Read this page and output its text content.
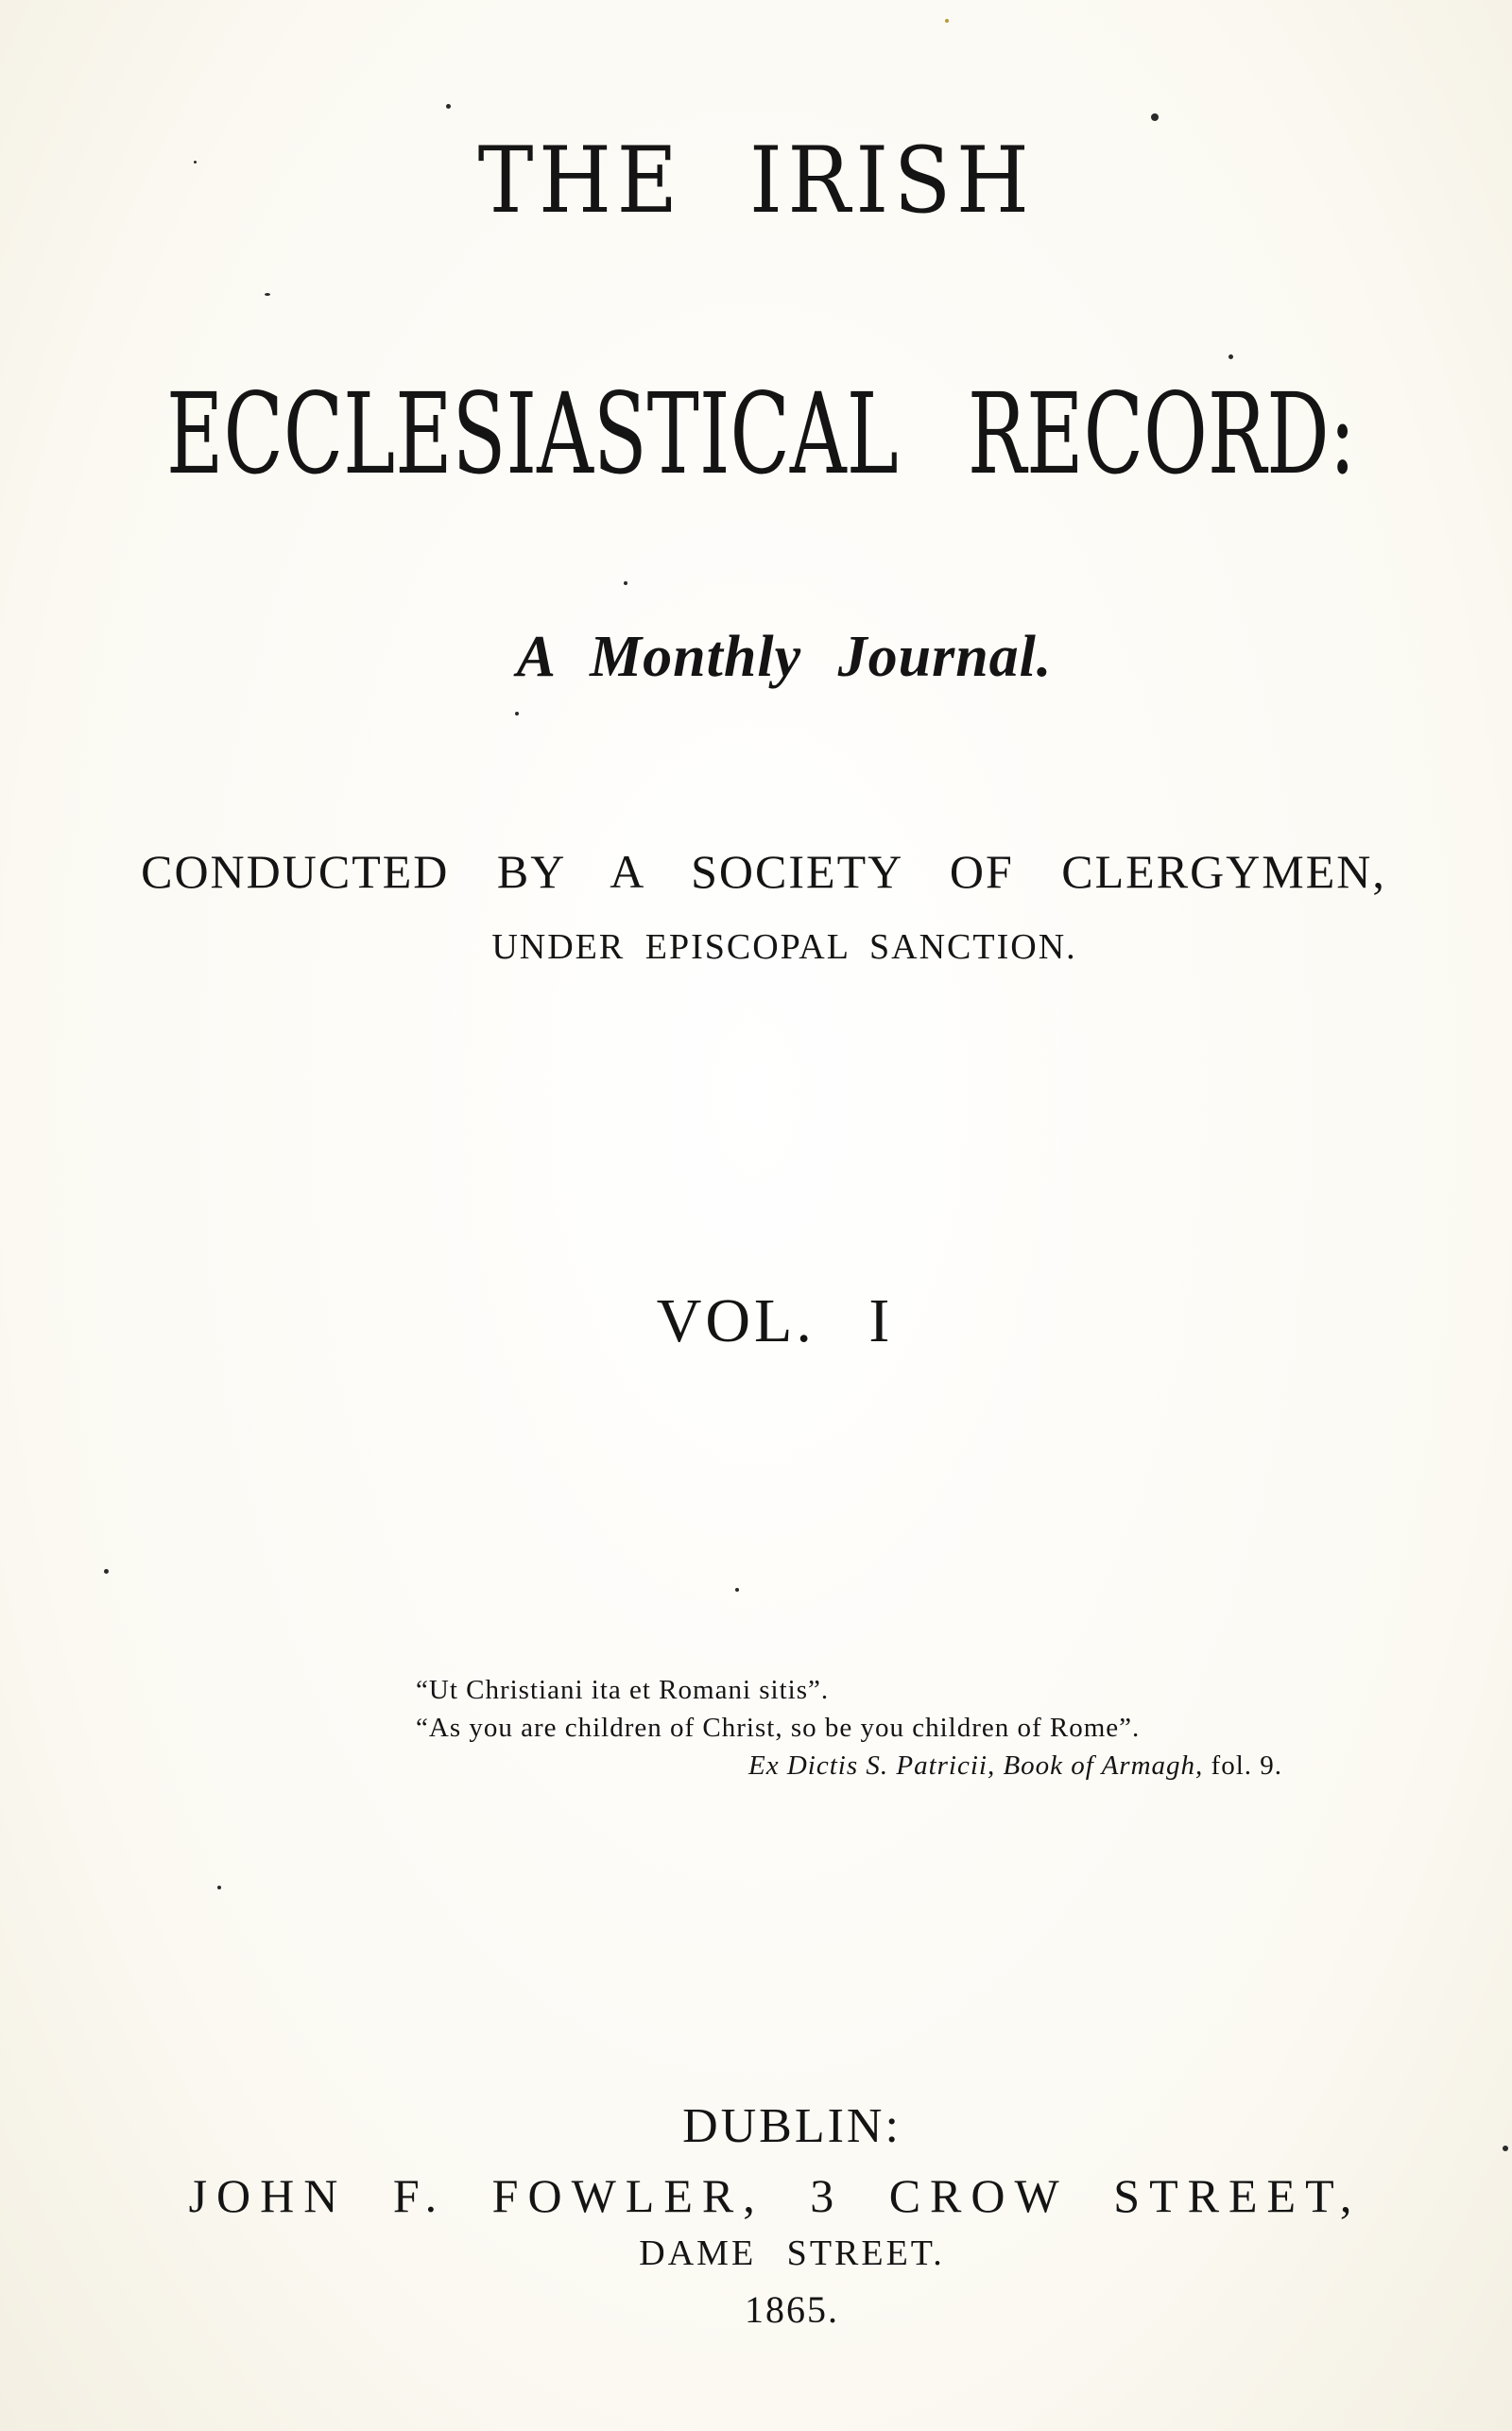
THE IRISH
ECCLESIASTICAL RECORD:
A Monthly Journal.
CONDUCTED BY A SOCIETY OF CLERGYMEN,
UNDER EPISCOPAL SANCTION.
VOL. I
“Ut Christiani ita et Romani sitis”.
“As you are children of Christ, so be you children of Rome”.
Ex Dictis S. Patricii, Book of Armagh, fol. 9.
DUBLIN:
JOHN F. FOWLER, 3 CROW STREET,
DAME STREET.
1865.
